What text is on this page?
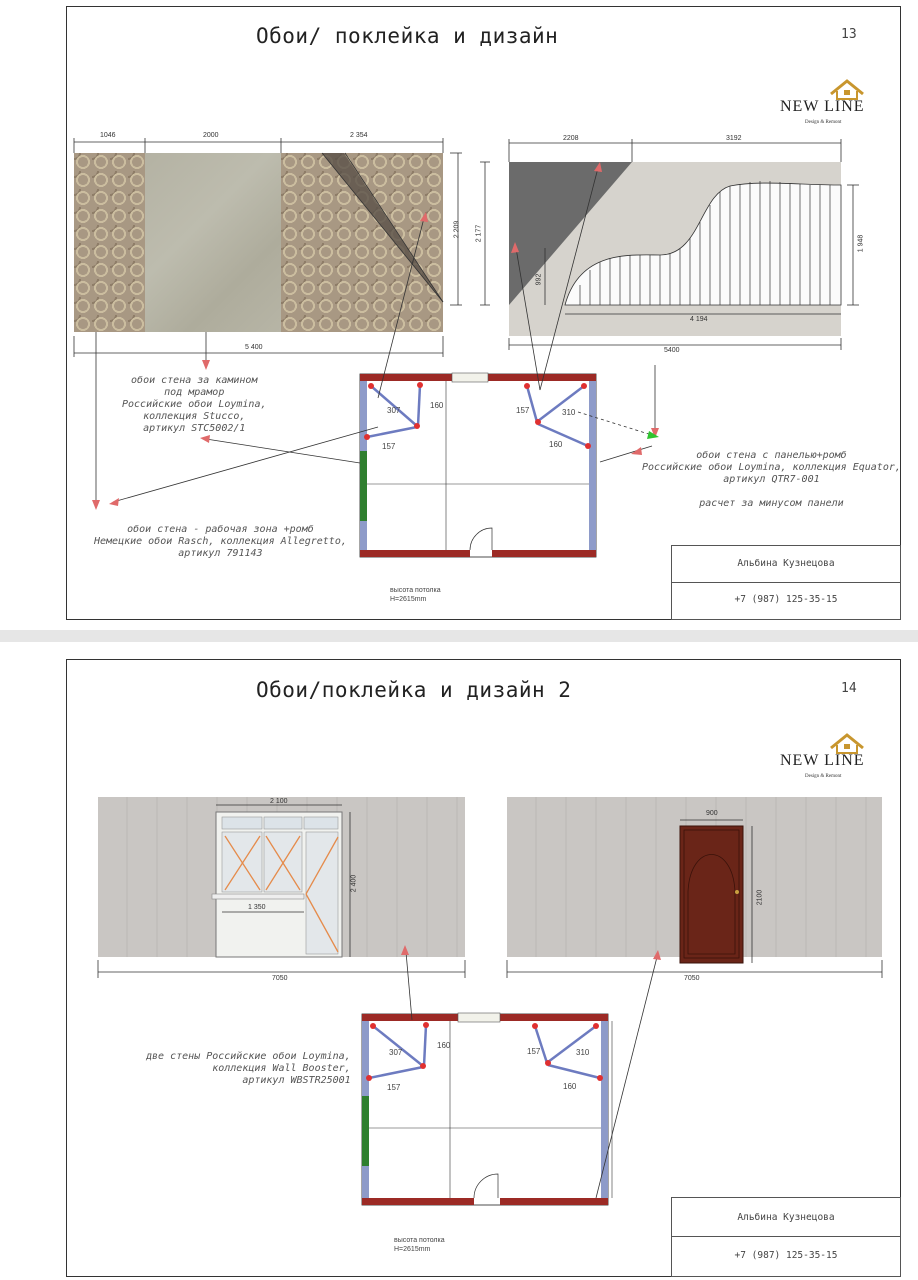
Обои/ поклейка и дизайн	13
NEW LINE
Design & Remont
1046	2000	2 354
5 400
2 209
2208	3192
5400
4 194
2 177
1 948
992
307
160
157
157	310
160
высота потолка
H=2615mm
обои стена за камином
под мрамор
Российские обои Loymina,
коллекция Stucco,
артикул STC5002/1
обои стена - рабочая зона +ромб
Немецкие обои Rasch, коллекция Allegretto,
артикул 791143
обои стена с панелью+ромб
Российские обои Loymina, коллекция Equator,
артикул QTR7-001
расчет за минусом панели
Альбина Кузнецова
+7 (987) 125-35-15
Обои/поклейка и дизайн 2	14
NEW LINE
Design & Remont
2 100
2 400
1 350
7050
900
2100
7050
307
160
157
157	310
160
высота потолка
H=2615mm
две стены Российские обои Loymina,
коллекция Wall Booster,
артикул WBSTR25001
Альбина Кузнецова
+7 (987) 125-35-15
